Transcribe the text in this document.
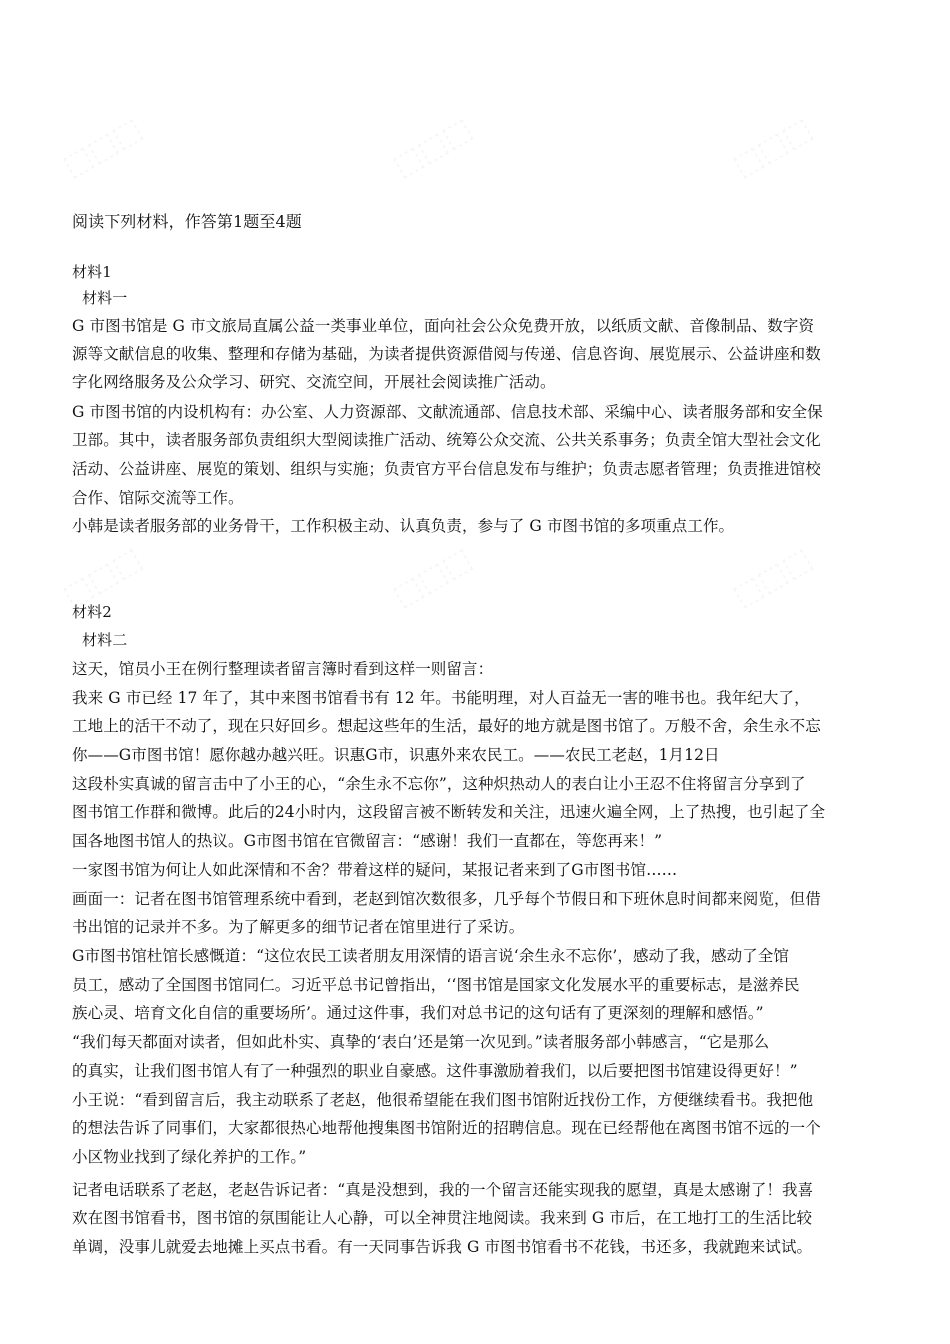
阅读下列材料，作答第1题至4题
材料1
材料一
G 市图书馆是 G 市文旅局直属公益一类事业单位，面向社会公众免费开放，以纸质文献、音像制品、数字资
源等文献信息的收集、整理和存储为基础，为读者提供资源借阅与传递、信息咨询、展览展示、公益讲座和数
字化网络服务及公众学习、研究、交流空间，开展社会阅读推广活动。
G 市图书馆的内设机构有：办公室、人力资源部、文献流通部、信息技术部、采编中心、读者服务部和安全保
卫部。其中，读者服务部负责组织大型阅读推广活动、统筹公众交流、公共关系事务；负责全馆大型社会文化
活动、公益讲座、展览的策划、组织与实施；负责官方平台信息发布与维护；负责志愿者管理；负责推进馆校
合作、馆际交流等工作。
小韩是读者服务部的业务骨干，工作积极主动、认真负责，参与了 G 市图书馆的多项重点工作。
材料2
材料二
这天，馆员小王在例行整理读者留言簿时看到这样一则留言：
我来 G 市已经 17 年了，其中来图书馆看书有 12 年。书能明理，对人百益无一害的唯书也。我年纪大了，
工地上的活干不动了，现在只好回乡。想起这些年的生活，最好的地方就是图书馆了。万般不舍，余生永不忘
你——G市图书馆！愿你越办越兴旺。识惠G市，识惠外来农民工。——农民工老赵，1月12日
这段朴实真诚的留言击中了小王的心，“余生永不忘你”，这种炽热动人的表白让小王忍不住将留言分享到了
图书馆工作群和微博。此后的24小时内，这段留言被不断转发和关注，迅速火遍全网，上了热搜，也引起了全
国各地图书馆人的热议。G市图书馆在官微留言：“感谢！我们一直都在，等您再来！”
一家图书馆为何让人如此深情和不舍？带着这样的疑问，某报记者来到了G市图书馆……
画面一：记者在图书馆管理系统中看到，老赵到馆次数很多，几乎每个节假日和下班休息时间都来阅览，但借
书出馆的记录并不多。为了解更多的细节记者在馆里进行了采访。
G市图书馆杜馆长感慨道：“这位农民工读者朋友用深情的语言说‘余生永不忘你’，感动了我，感动了全馆
员工，感动了全国图书馆同仁。习近平总书记曾指出，‘‘图书馆是国家文化发展水平的重要标志，是滋养民
族心灵、培育文化自信的重要场所’。通过这件事，我们对总书记的这句话有了更深刻的理解和感悟。”
“我们每天都面对读者，但如此朴实、真挚的‘表白’还是第一次见到。”读者服务部小韩感言，“它是那么
的真实，让我们图书馆人有了一种强烈的职业自豪感。这件事激励着我们，以后要把图书馆建设得更好！”
小王说：“看到留言后，我主动联系了老赵，他很希望能在我们图书馆附近找份工作，方便继续看书。我把他
的想法告诉了同事们，大家都很热心地帮他搜集图书馆附近的招聘信息。现在已经帮他在离图书馆不远的一个
小区物业找到了绿化养护的工作。”
记者电话联系了老赵，老赵告诉记者：“真是没想到，我的一个留言还能实现我的愿望，真是太感谢了！我喜
欢在图书馆看书，图书馆的氛围能让人心静，可以全神贯注地阅读。我来到 G 市后，在工地打工的生活比较
单调，没事儿就爱去地摊上买点书看。有一天同事告诉我 G 市图书馆看书不花钱，书还多，我就跑来试试。
